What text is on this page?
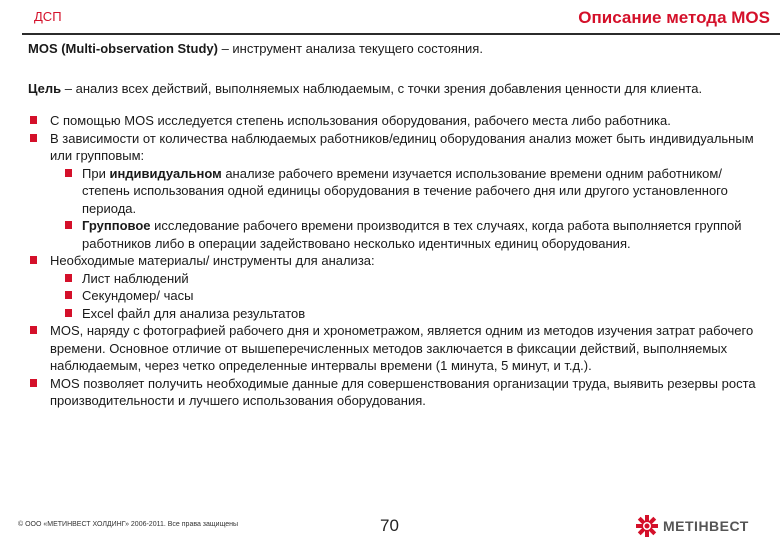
ДСП	Описание метода MOS

MOS (Multi-observation Study) – инструмент анализа текущего состояния.

Цель – анализ всех действий, выполняемых наблюдаемым, с точки зрения добавления ценности для клиента.

С помощью MOS исследуется степень использования оборудования, рабочего места либо работника.
В зависимости от количества наблюдаемых работников/единиц оборудования анализ может быть индивидуальным или групповым:
При индивидуальном анализе рабочего времени изучается использование времени одним работником/ степень использования одной единицы оборудования в течение рабочего дня или другого установленного периода.
Групповое исследование рабочего времени производится в тех случаях, когда работа выполняется группой работников либо в операции задействовано несколько идентичных единиц оборудования.
Необходимые материалы/ инструменты для анализа:
Лист наблюдений
Секундомер/ часы
Excel файл для анализа результатов
MOS, наряду с фотографией рабочего дня и хронометражом, является одним из методов изучения затрат рабочего времени. Основное отличие от вышеперечисленных методов заключается в фиксации действий, выполняемых наблюдаемым, через четко определенные интервалы времени (1 минута, 5 минут, и т.д.).
MOS позволяет получить необходимые данные для совершенствования организации труда, выявить резервы роста производительности и лучшего использования оборудования.
© ООО «МЕТИНВЕСТ ХОЛДИНГ» 2006-2011. Все права защищены	70	МЕТІНВЕСТ
